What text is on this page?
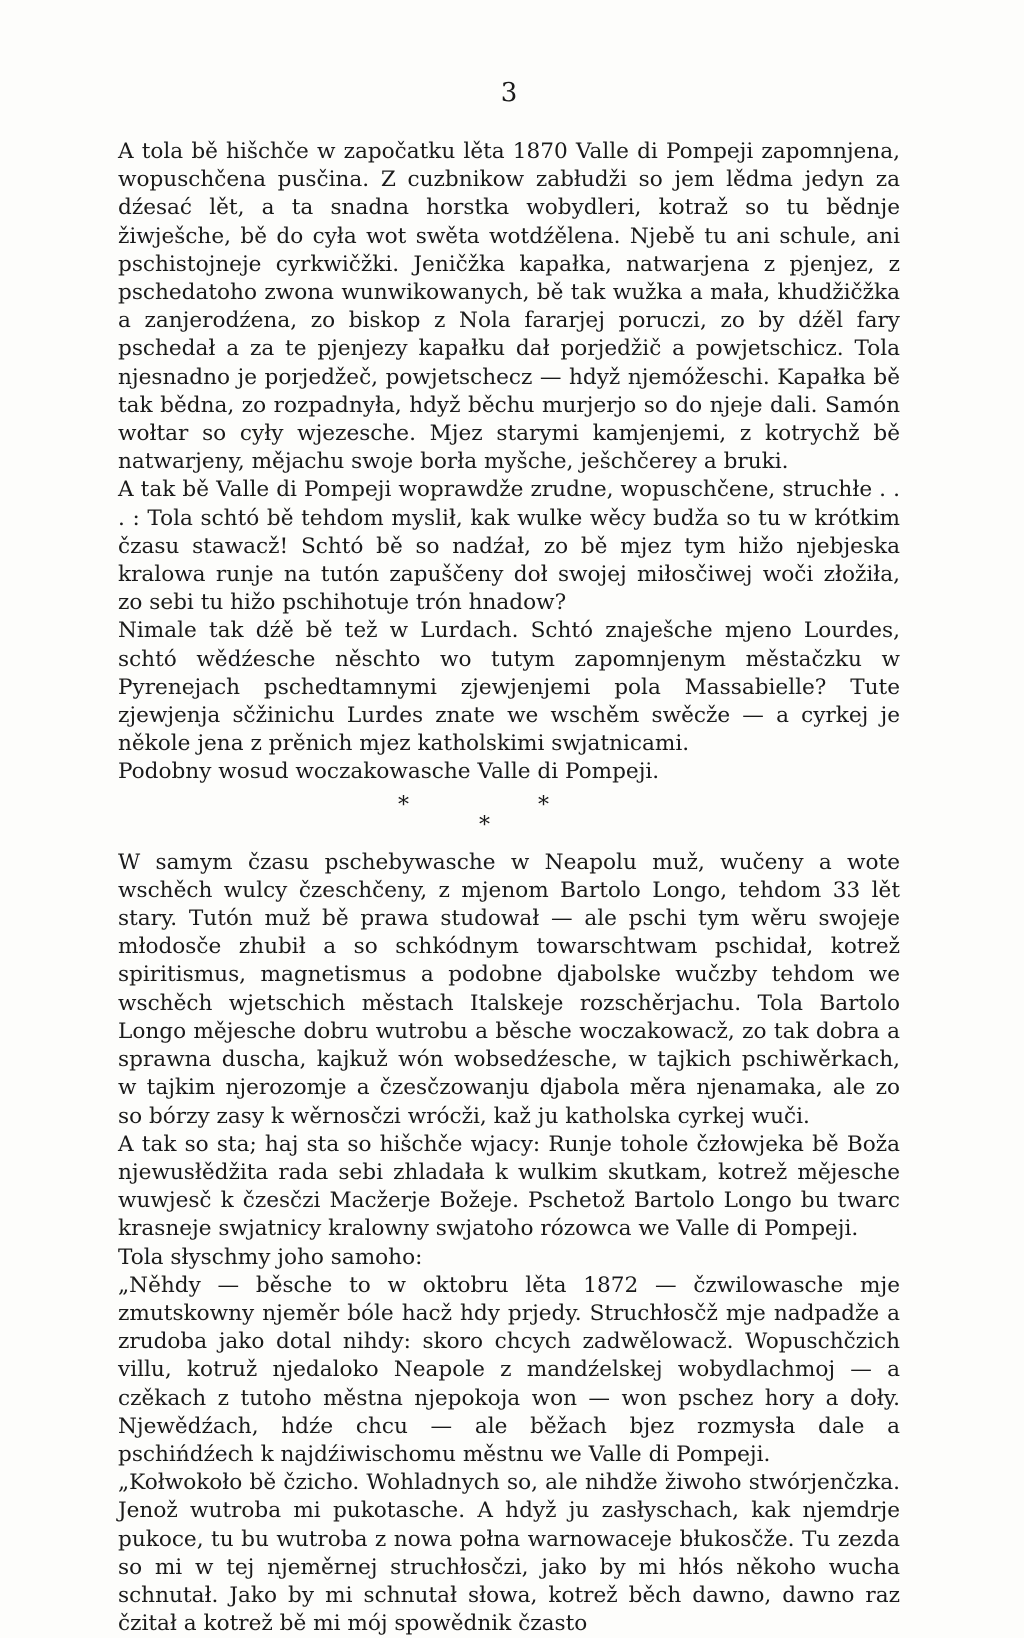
3

A tola bě hišchče w započatku lěta 1870 Valle di Pompeji zapomnjena, wopuschčena pusčina. Z cuzbnikow zabłudži so jem lědma jedyn za dźesać lět, a ta snadna horstka wobydleri, kotraž so tu bědnje žiwješche, bě do cyła wot swěta wotdźělena. Njebě tu ani schule, ani pschistojneje cyrkwičžki. Jeničžka kapałka, natwarjena z pjenjez, z pschedatoho zwona wunwikowanych, bě tak wužka a mała, khudžičžka a zanjerodźena, zo biskop z Nola fararjej poruczi, zo by dźěl fary pschedał a za te pjenjezy kapałku dał porjedžič a powjetschicz. Tola njesnadno je porjedžeč, powjetschecz — hdyž njemóžeschi. Kapałka bě tak bědna, zo rozpadnyła, hdyž běchu murjerjo so do njeje dali. Samón wołtar so cyły wjezesche. Mjez starymi kamjenjemi, z kotrychž bě natwarjeny, mějachu swoje borła myšche, ješchčerey a bruki.

A tak bě Valle di Pompeji woprawdže zrudne, wopuschčene, struchłe . . . : Tola schtó bě tehdom myslił, kak wulke wěcy budža so tu w krótkim čzasu stawacž! Schtó bě so nadźał, zo bě mjez tym hižo njebjeska kralowa runje na tutón zapuščeny doł swojej miłosčiwej woči złožiła, zo sebi tu hižo pschihotuje trón hnadow?

Nimale tak dźě bě tež w Lurdach. Schtó znaješche mjeno Lourdes, schtó wědźesche něschto wo tutym zapomnjenym městačzku w Pyrenejach pschedtamnymi zjewjenjemi pola Massabielle? Tute zjewjenja sčžinichu Lurdes znate we wschěm swěcže — a cyrkej je někole jena z prěnich mjez katholskimi swjatnicami.

Podobny wosud woczakowasche Valle di Pompeji.

*
*
*

W samym čzasu pschebywasche w Neapolu muž, wučeny a wote wschěch wulcy čzeschčeny, z mjenom Bartolo Longo, tehdom 33 lět stary. Tutón muž bě prawa studował — ale pschi tym wěru swojeje młodosče zhubił a so schkódnym towarschtwam pschidał, kotrež spiritismus, magnetismus a podobne djabolske wučzby tehdom we wschěch wjetschich městach Italskeje rozschěrjachu. Tola Bartolo Longo mějesche dobru wutrobu a běsche woczakowacž, zo tak dobra a sprawna duscha, kajkuž wón wobsedźesche, w tajkich pschiwěrkach, w tajkim njerozomje a čzesčzowanju djabola měra njenamaka, ale zo so bórzy zasy k wěrnosčzi wrócži, kaž ju katholska cyrkej wuči.

A tak so sta; haj sta so hišchče wjacy: Runje tohole čzłowjeka bě Boža njewusłědžita rada sebi zhladała k wulkim skutkam, kotrež mějesche wuwjesč k čzesčzi Macžerje Božeje. Pschetož Bartolo Longo bu twarc krasneje swjatnicy kralowny swjatoho rózowca we Valle di Pompeji.

Tola słyschmy joho samoho:

„Něhdy — běsche to w oktobru lěta 1872 — čzwilowasche mje zmutskowny njeměr bóle hacž hdy prjedy. Struchłosčž mje nadpadže a zrudoba jako dotal nihdy: skoro chcych zadwělowacž. Wopuschčzich villu, kotruž njedaloko Neapole z mandźelskej wobydlachmoj — a czěkach z tutoho městna njepokoja won — won pschez hory a doły. Njewědźach, hdźe chcu — ale běžach bjez rozmysła dale a pschińdźech k najdźiwischomu městnu we Valle di Pompeji.

„Kołwokoło bě čzicho. Wohladnych so, ale nihdže žiwoho stwórjenčzka. Jenož wutroba mi pukotasche. A hdyž ju zasłyschach, kak njemdrje pukoce, tu bu wutroba z nowa połna warnowaceje błukosčže. Tu zezda so mi w tej njeměrnej struchłosčzi, jako by mi hłós někoho wucha schnutał. Jako by mi schnutał słowa, kotrež běch dawno, dawno raz čzitał a kotrež bě mi mój spowědnik čzasto
